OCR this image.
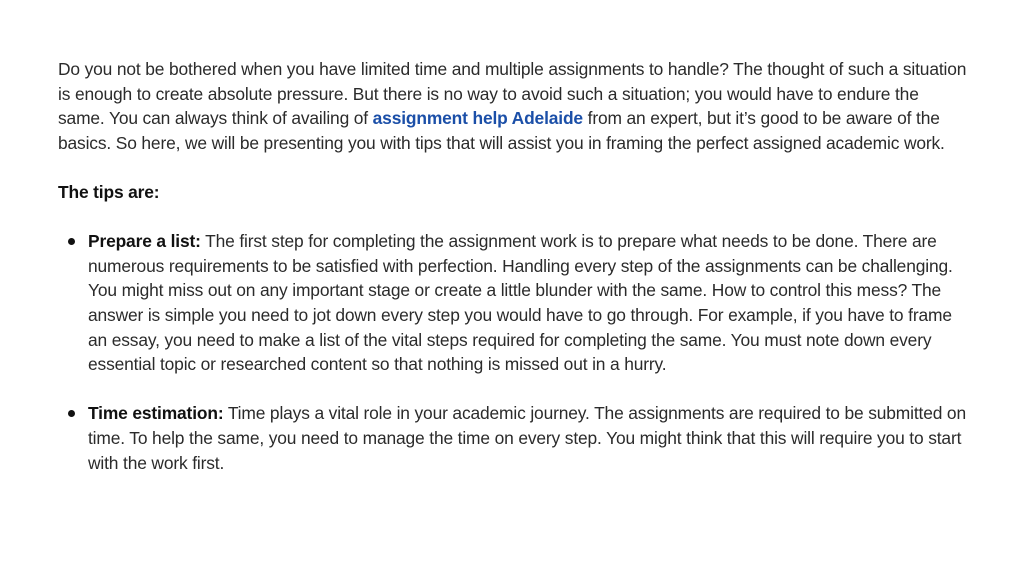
Do you not be bothered when you have limited time and multiple assignments to handle? The thought of such a situation is enough to create absolute pressure. But there is no way to avoid such a situation; you would have to endure the same. You can always think of availing of assignment help Adelaide from an expert, but it’s good to be aware of the basics. So here, we will be presenting you with tips that will assist you in framing the perfect assigned academic work.

The tips are:

Prepare a list: The first step for completing the assignment work is to prepare what needs to be done. There are numerous requirements to be satisfied with perfection. Handling every step of the assignments can be challenging. You might miss out on any important stage or create a little blunder with the same. How to control this mess? The answer is simple you need to jot down every step you would have to go through. For example, if you have to frame an essay, you need to make a list of the vital steps required for completing the same. You must note down every essential topic or researched content so that nothing is missed out in a hurry.
Time estimation: Time plays a vital role in your academic journey. The assignments are required to be submitted on time. To help the same, you need to manage the time on every step. You might think that this will require you to start with the work first.
